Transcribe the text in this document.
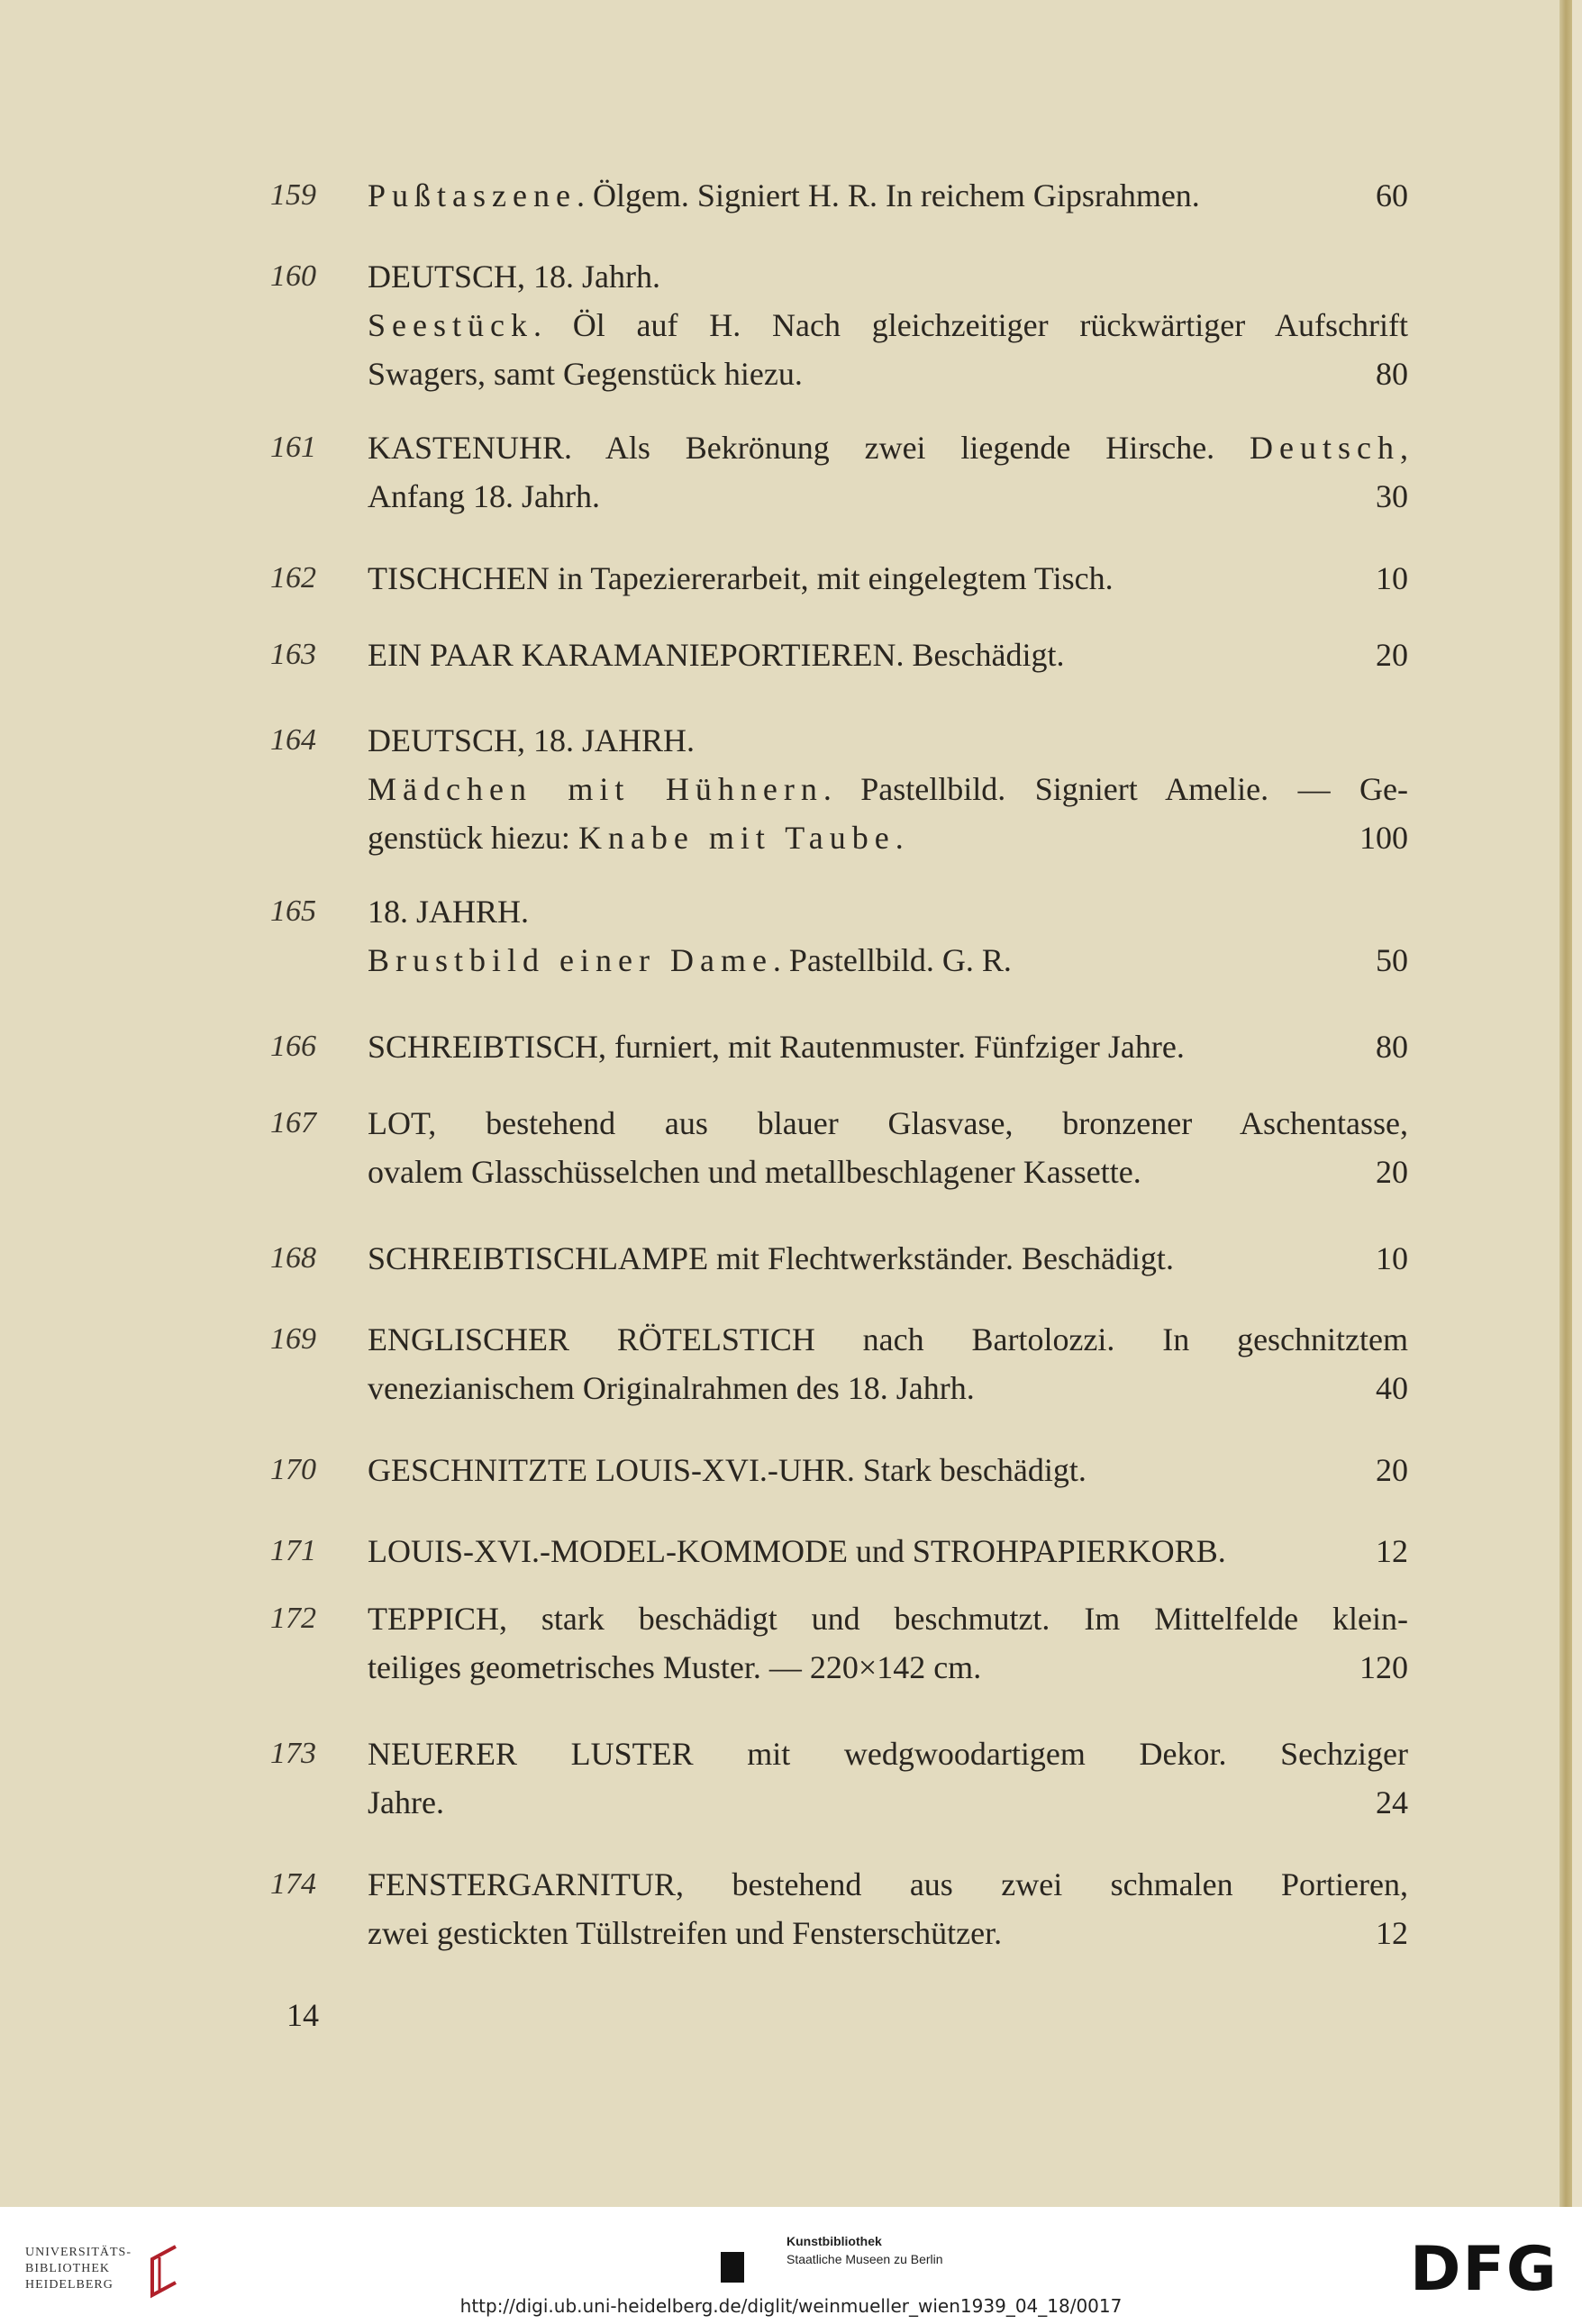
159	Pußtaszene. Ölgem. Signiert H. R. In reichem Gipsrahmen.	60
160	DEUTSCH, 18. Jahrh.
Seestück. Öl auf H. Nach gleichzeitiger rückwärtiger Aufschrift
Swagers, samt Gegenstück hiezu.	80
161	KASTENUHR. Als Bekrönung zwei liegende Hirsche. Deutsch,
Anfang 18. Jahrh.	30
162	TISCHCHEN in Tapeziererarbeit, mit eingelegtem Tisch.	10
163	EIN PAAR KARAMANIEPORTIEREN. Beschädigt.	20
164	DEUTSCH, 18. JAHRH.
Mädchen mit Hühnern. Pastellbild. Signiert Amelie. — Ge-
genstück hiezu: Knabe mit Taube.	100
165	18. JAHRH.
Brustbild einer Dame. Pastellbild. G. R.	50
166	SCHREIBTISCH, furniert, mit Rautenmuster. Fünfziger Jahre.	80
167	LOT, bestehend aus blauer Glasvase, bronzener Aschentasse,
ovalem Glasschüsselchen und metallbeschlagener Kassette.	20
168	SCHREIBTISCHLAMPE mit Flechtwerkständer. Beschädigt.	10
169	ENGLISCHER RÖTELSTICH nach Bartolozzi. In geschnitztem
venezianischem Originalrahmen des 18. Jahrh.	40
170	GESCHNITZTE LOUIS-XVI.-UHR. Stark beschädigt.	20
171	LOUIS-XVI.-MODEL-KOMMODE und STROHPAPIERKORB.	12
172	TEPPICH, stark beschädigt und beschmutzt. Im Mittelfelde klein-
teiliges geometrisches Muster. — 220×142 cm.	120
173	NEUERER LUSTER mit wedgwoodartigem Dekor. Sechziger
Jahre.	24
174	FENSTERGARNITUR, bestehend aus zwei schmalen Portieren,
zwei gestickten Tüllstreifen und Fensterschützer.	12
14
UNIVERSITÄTS-
BIBLIOTHEK
HEIDELBERG
Kunstbibliothek
Staatliche Museen zu Berlin	DFG
http://digi.ub.uni-heidelberg.de/diglit/weinmueller_wien1939_04_18/0017
